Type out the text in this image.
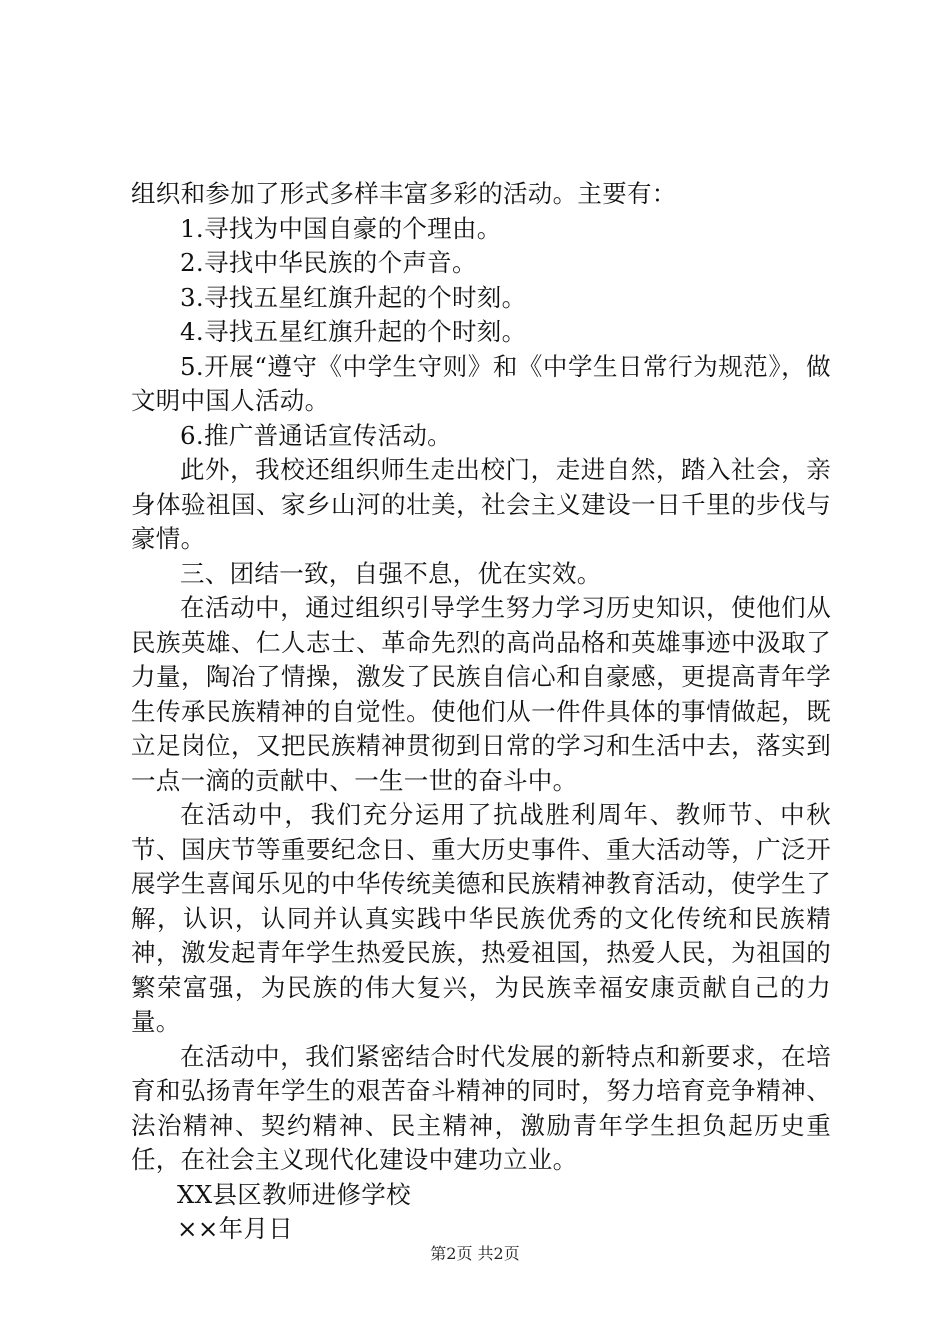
组织和参加了形式多样丰富多彩的活动。主要有：

1.寻找为中国自豪的个理由。

2.寻找中华民族的个声音。

3.寻找五星红旗升起的个时刻。

4.寻找五星红旗升起的个时刻。

5.开展“遵守《中学生守则》和《中学生日常行为规范》，做文明中国人活动。

6.推广普通话宣传活动。

此外，我校还组织师生走出校门，走进自然，踏入社会，亲身体验祖国、家乡山河的壮美，社会主义建设一日千里的步伐与豪情。

三、团结一致，自强不息，优在实效。

在活动中，通过组织引导学生努力学习历史知识，使他们从民族英雄、仁人志士、革命先烈的高尚品格和英雄事迹中汲取了力量，陶冶了情操，激发了民族自信心和自豪感，更提高青年学生传承民族精神的自觉性。使他们从一件件具体的事情做起，既立足岗位，又把民族精神贯彻到日常的学习和生活中去，落实到一点一滴的贡献中、一生一世的奋斗中。

在活动中，我们充分运用了抗战胜利周年、教师节、中秋节、国庆节等重要纪念日、重大历史事件、重大活动等，广泛开展学生喜闻乐见的中华传统美德和民族精神教育活动，使学生了解，认识，认同并认真实践中华民族优秀的文化传统和民族精神，激发起青年学生热爱民族，热爱祖国，热爱人民，为祖国的繁荣富强，为民族的伟大复兴，为民族幸福安康贡献自己的力量。

在活动中，我们紧密结合时代发展的新特点和新要求，在培育和弘扬青年学生的艰苦奋斗精神的同时，努力培育竞争精神、法治精神、契约精神、民主精神，激励青年学生担负起历史重任，在社会主义现代化建设中建功立业。

XX县区教师进修学校

××年月日

第2页 共2页
